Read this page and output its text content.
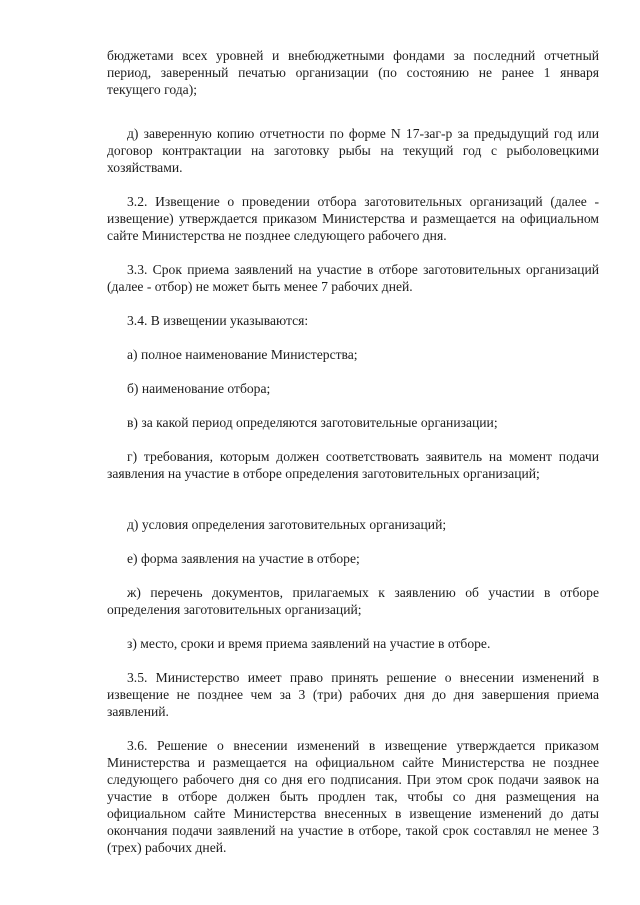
бюджетами всех уровней и внебюджетными фондами за последний отчетный период, заверенный печатью организации (по состоянию не ранее 1 января текущего года);

д) заверенную копию отчетности по форме N 17-заг-р за предыдущий год или договор контрактации на заготовку рыбы на текущий год с рыболовецкими хозяйствами.

3.2. Извещение о проведении отбора заготовительных организаций (далее - извещение) утверждается приказом Министерства и размещается на официальном сайте Министерства не позднее следующего рабочего дня.

3.3. Срок приема заявлений на участие в отборе заготовительных организаций (далее - отбор) не может быть менее 7 рабочих дней.

3.4. В извещении указываются:

а) полное наименование Министерства;

б) наименование отбора;

в) за какой период определяются заготовительные организации;

г) требования, которым должен соответствовать заявитель на момент подачи заявления на участие в отборе определения заготовительных организаций;

д) условия определения заготовительных организаций;

е) форма заявления на участие в отборе;

ж) перечень документов, прилагаемых к заявлению об участии в отборе определения заготовительных организаций;

з) место, сроки и время приема заявлений на участие в отборе.

3.5. Министерство имеет право принять решение о внесении изменений в извещение не позднее чем за 3 (три) рабочих дня до дня завершения приема заявлений.

3.6. Решение о внесении изменений в извещение утверждается приказом Министерства и размещается на официальном сайте Министерства не позднее следующего рабочего дня со дня его подписания. При этом срок подачи заявок на участие в отборе должен быть продлен так, чтобы со дня размещения на официальном сайте Министерства внесенных в извещение изменений до даты окончания подачи заявлений на участие в отборе, такой срок составлял не менее 3 (трех) рабочих дней.
